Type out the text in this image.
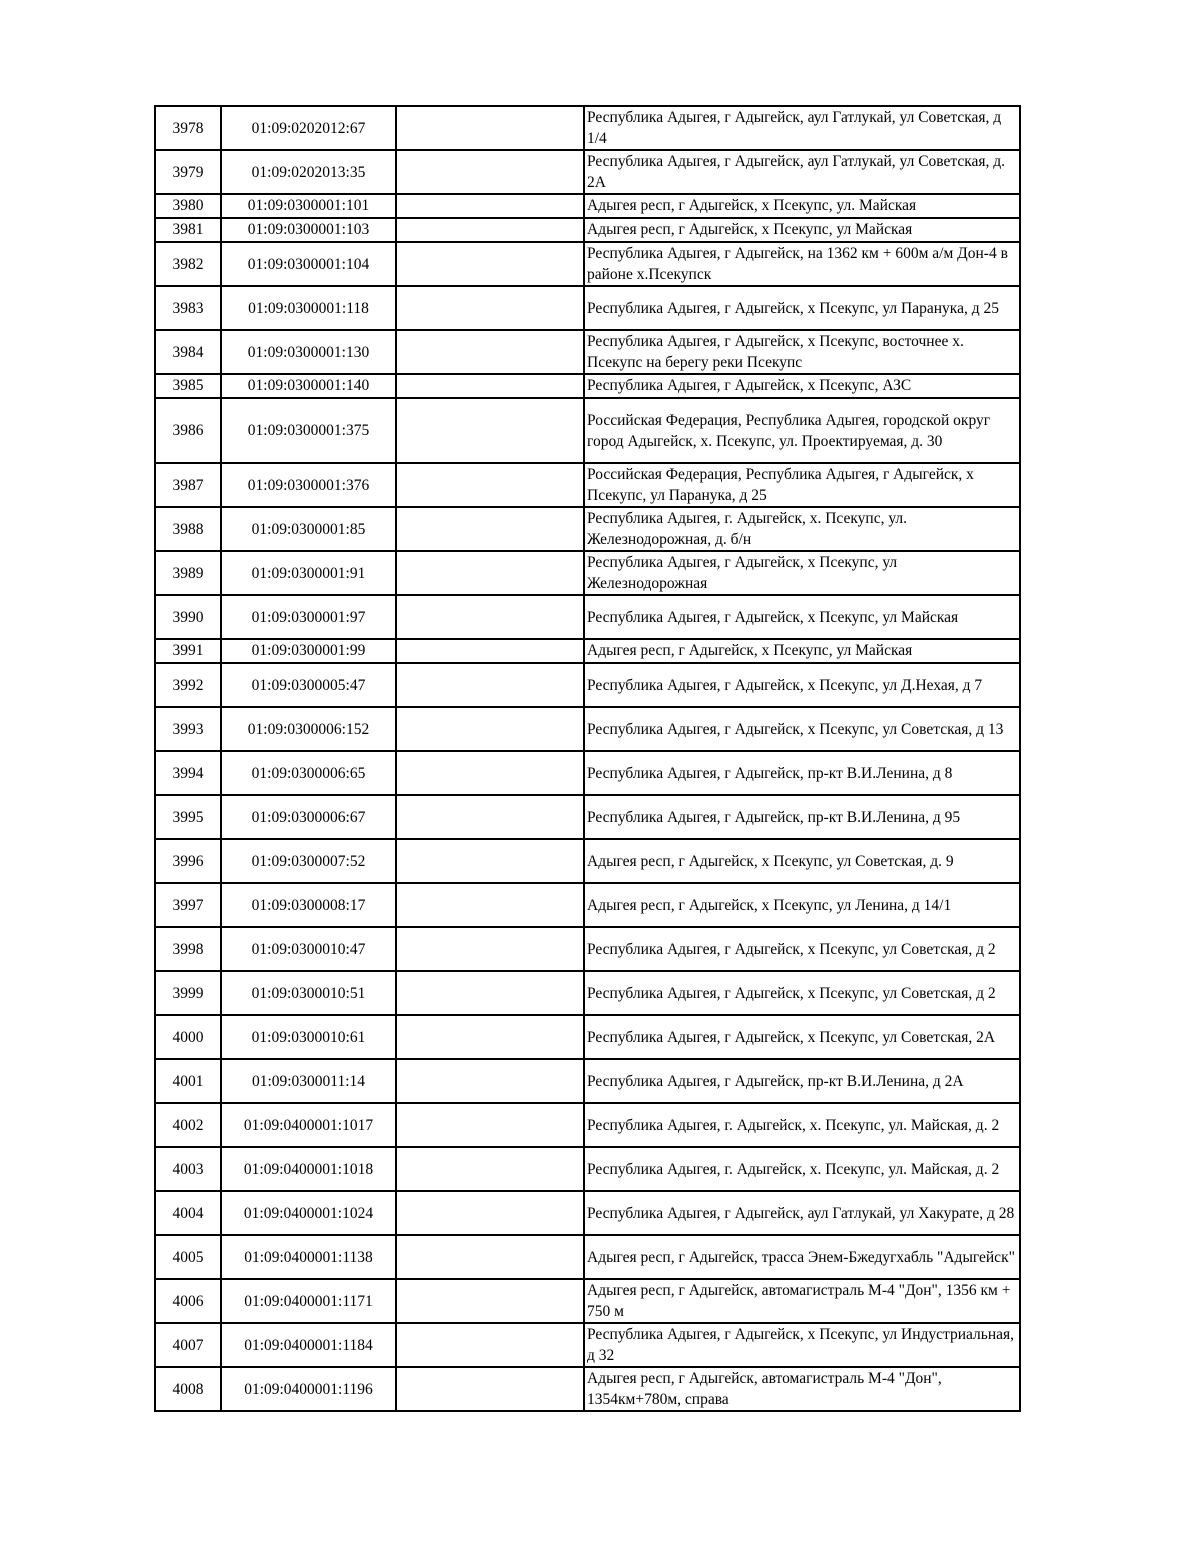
3978	01:09:0202012:67		Республика Адыгея, г Адыгейск, аул Гатлукай, ул Советская, д 1/4
3979	01:09:0202013:35		Республика Адыгея, г Адыгейск, аул Гатлукай, ул Советская, д. 2А
3980	01:09:0300001:101		Адыгея респ, г Адыгейск, х Псекупс, ул. Майская
3981	01:09:0300001:103		Адыгея респ, г Адыгейск, х Псекупс, ул Майская
3982	01:09:0300001:104		Республика Адыгея, г Адыгейск, на 1362 км + 600м а/м Дон-4 в районе х.Псекупск
3983	01:09:0300001:118		Республика Адыгея, г Адыгейск, х Псекупс, ул Паранука, д 25
3984	01:09:0300001:130		Республика Адыгея, г Адыгейск, х Псекупс, восточнее х. Псекупс на берегу реки Псекупс
3985	01:09:0300001:140		Республика Адыгея, г Адыгейск, х Псекупс, АЗС
3986	01:09:0300001:375		Российская Федерация, Республика Адыгея, городской округ город Адыгейск, х. Псекупс, ул. Проектируемая, д. 30
3987	01:09:0300001:376		Российская Федерация, Республика Адыгея, г Адыгейск, х Псекупс, ул Паранука, д 25
3988	01:09:0300001:85		Республика Адыгея, г. Адыгейск, х. Псекупс, ул. Железнодорожная, д. б/н
3989	01:09:0300001:91		Республика Адыгея, г Адыгейск, х Псекупс, ул Железнодорожная
3990	01:09:0300001:97		Республика Адыгея, г Адыгейск, х Псекупс, ул Майская
3991	01:09:0300001:99		Адыгея респ, г Адыгейск, х Псекупс, ул Майская
3992	01:09:0300005:47		Республика Адыгея, г Адыгейск, х Псекупс, ул Д.Нехая, д 7
3993	01:09:0300006:152		Республика Адыгея, г Адыгейск, х Псекупс, ул Советская, д 13
3994	01:09:0300006:65		Республика Адыгея, г Адыгейск, пр-кт В.И.Ленина, д 8
3995	01:09:0300006:67		Республика Адыгея, г Адыгейск, пр-кт В.И.Ленина, д 95
3996	01:09:0300007:52		Адыгея респ, г Адыгейск, х Псекупс, ул Советская, д. 9
3997	01:09:0300008:17		Адыгея респ, г Адыгейск, х Псекупс, ул Ленина, д 14/1
3998	01:09:0300010:47		Республика Адыгея, г Адыгейск, х Псекупс, ул Советская, д 2
3999	01:09:0300010:51		Республика Адыгея, г Адыгейск, х Псекупс, ул Советская, д 2
4000	01:09:0300010:61		Республика Адыгея, г Адыгейск, х Псекупс, ул Советская, 2А
4001	01:09:0300011:14		Республика Адыгея, г Адыгейск, пр-кт В.И.Ленина, д 2А
4002	01:09:0400001:1017		Республика Адыгея, г. Адыгейск, х. Псекупс, ул. Майская, д. 2
4003	01:09:0400001:1018		Республика Адыгея, г. Адыгейск, х. Псекупс, ул. Майская, д. 2
4004	01:09:0400001:1024		Республика Адыгея, г Адыгейск, аул Гатлукай, ул Хакурате, д 28
4005	01:09:0400001:1138		Адыгея респ, г Адыгейск, трасса Энем-Бжедугхабль "Адыгейск"
4006	01:09:0400001:1171		Адыгея респ, г Адыгейск, автомагистраль М-4 "Дон", 1356 км + 750 м
4007	01:09:0400001:1184		Республика Адыгея, г Адыгейск, х Псекупс, ул Индустриальная, д 32
4008	01:09:0400001:1196		Адыгея респ, г Адыгейск, автомагистраль М-4 "Дон", 1354км+780м, справа
